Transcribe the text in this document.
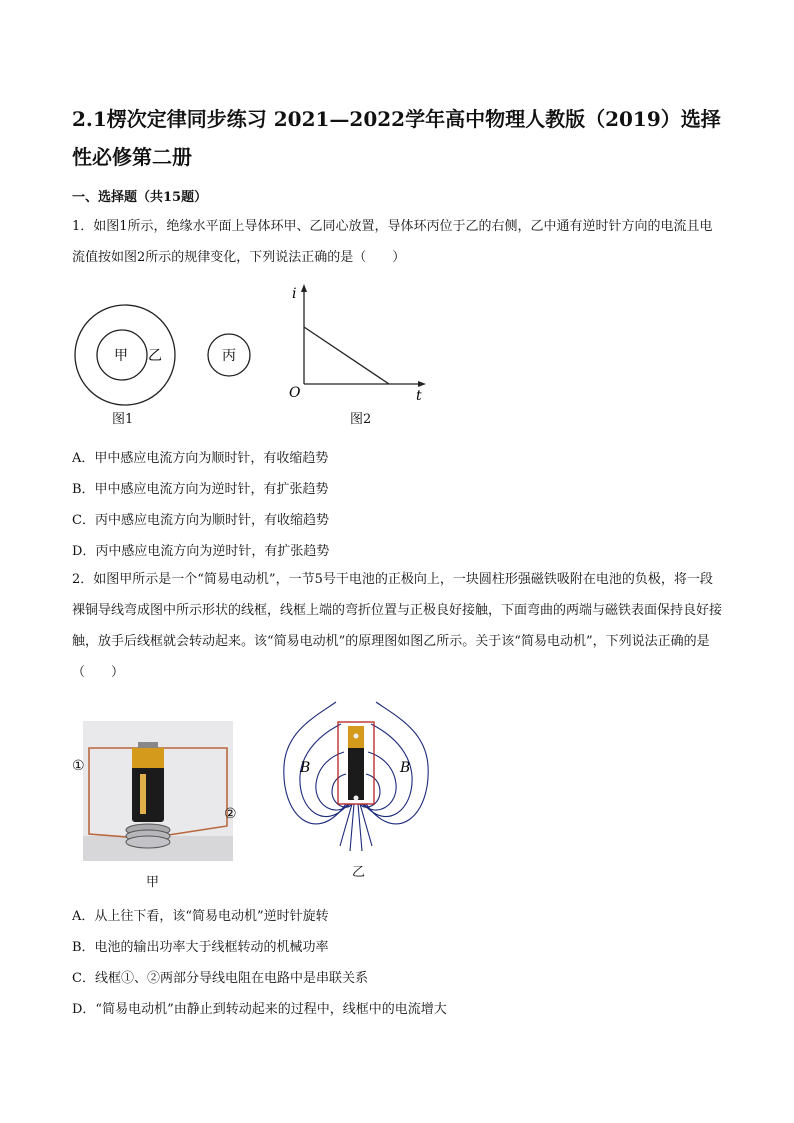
2.1楞次定律同步练习 2021—2022学年高中物理人教版（2019）选择性必修第二册
一、选择题（共15题）
1．如图1所示，绝缘水平面上导体环甲、乙同心放置，导体环丙位于乙的右侧，乙中通有逆时针方向的电流且电流值按如图2所示的规律变化，下列说法正确的是（　　）
甲 乙	丙
图1
i
t
O
图2
A．甲中感应电流方向为顺时针，有收缩趋势
B．甲中感应电流方向为逆时针，有扩张趋势
C．丙中感应电流方向为顺时针，有收缩趋势
D．丙中感应电流方向为逆时针，有扩张趋势
2．如图甲所示是一个“简易电动机”，一节5号干电池的正极向上，一块圆柱形强磁铁吸附在电池的负极，将一段裸铜导线弯成图中所示形状的线框，线框上端的弯折位置与正极良好接触，下面弯曲的两端与磁铁表面保持良好接触，放手后线框就会转动起来。该“简易电动机”的原理图如图乙所示。关于该“简易电动机”，下列说法正确的是（　　）
①
②
甲
B	B
乙
A．从上往下看，该“简易电动机”逆时针旋转
B．电池的输出功率大于线框转动的机械功率
C．线框①、②两部分导线电阻在电路中是串联关系
D．“简易电动机”由静止到转动起来的过程中，线框中的电流增大
